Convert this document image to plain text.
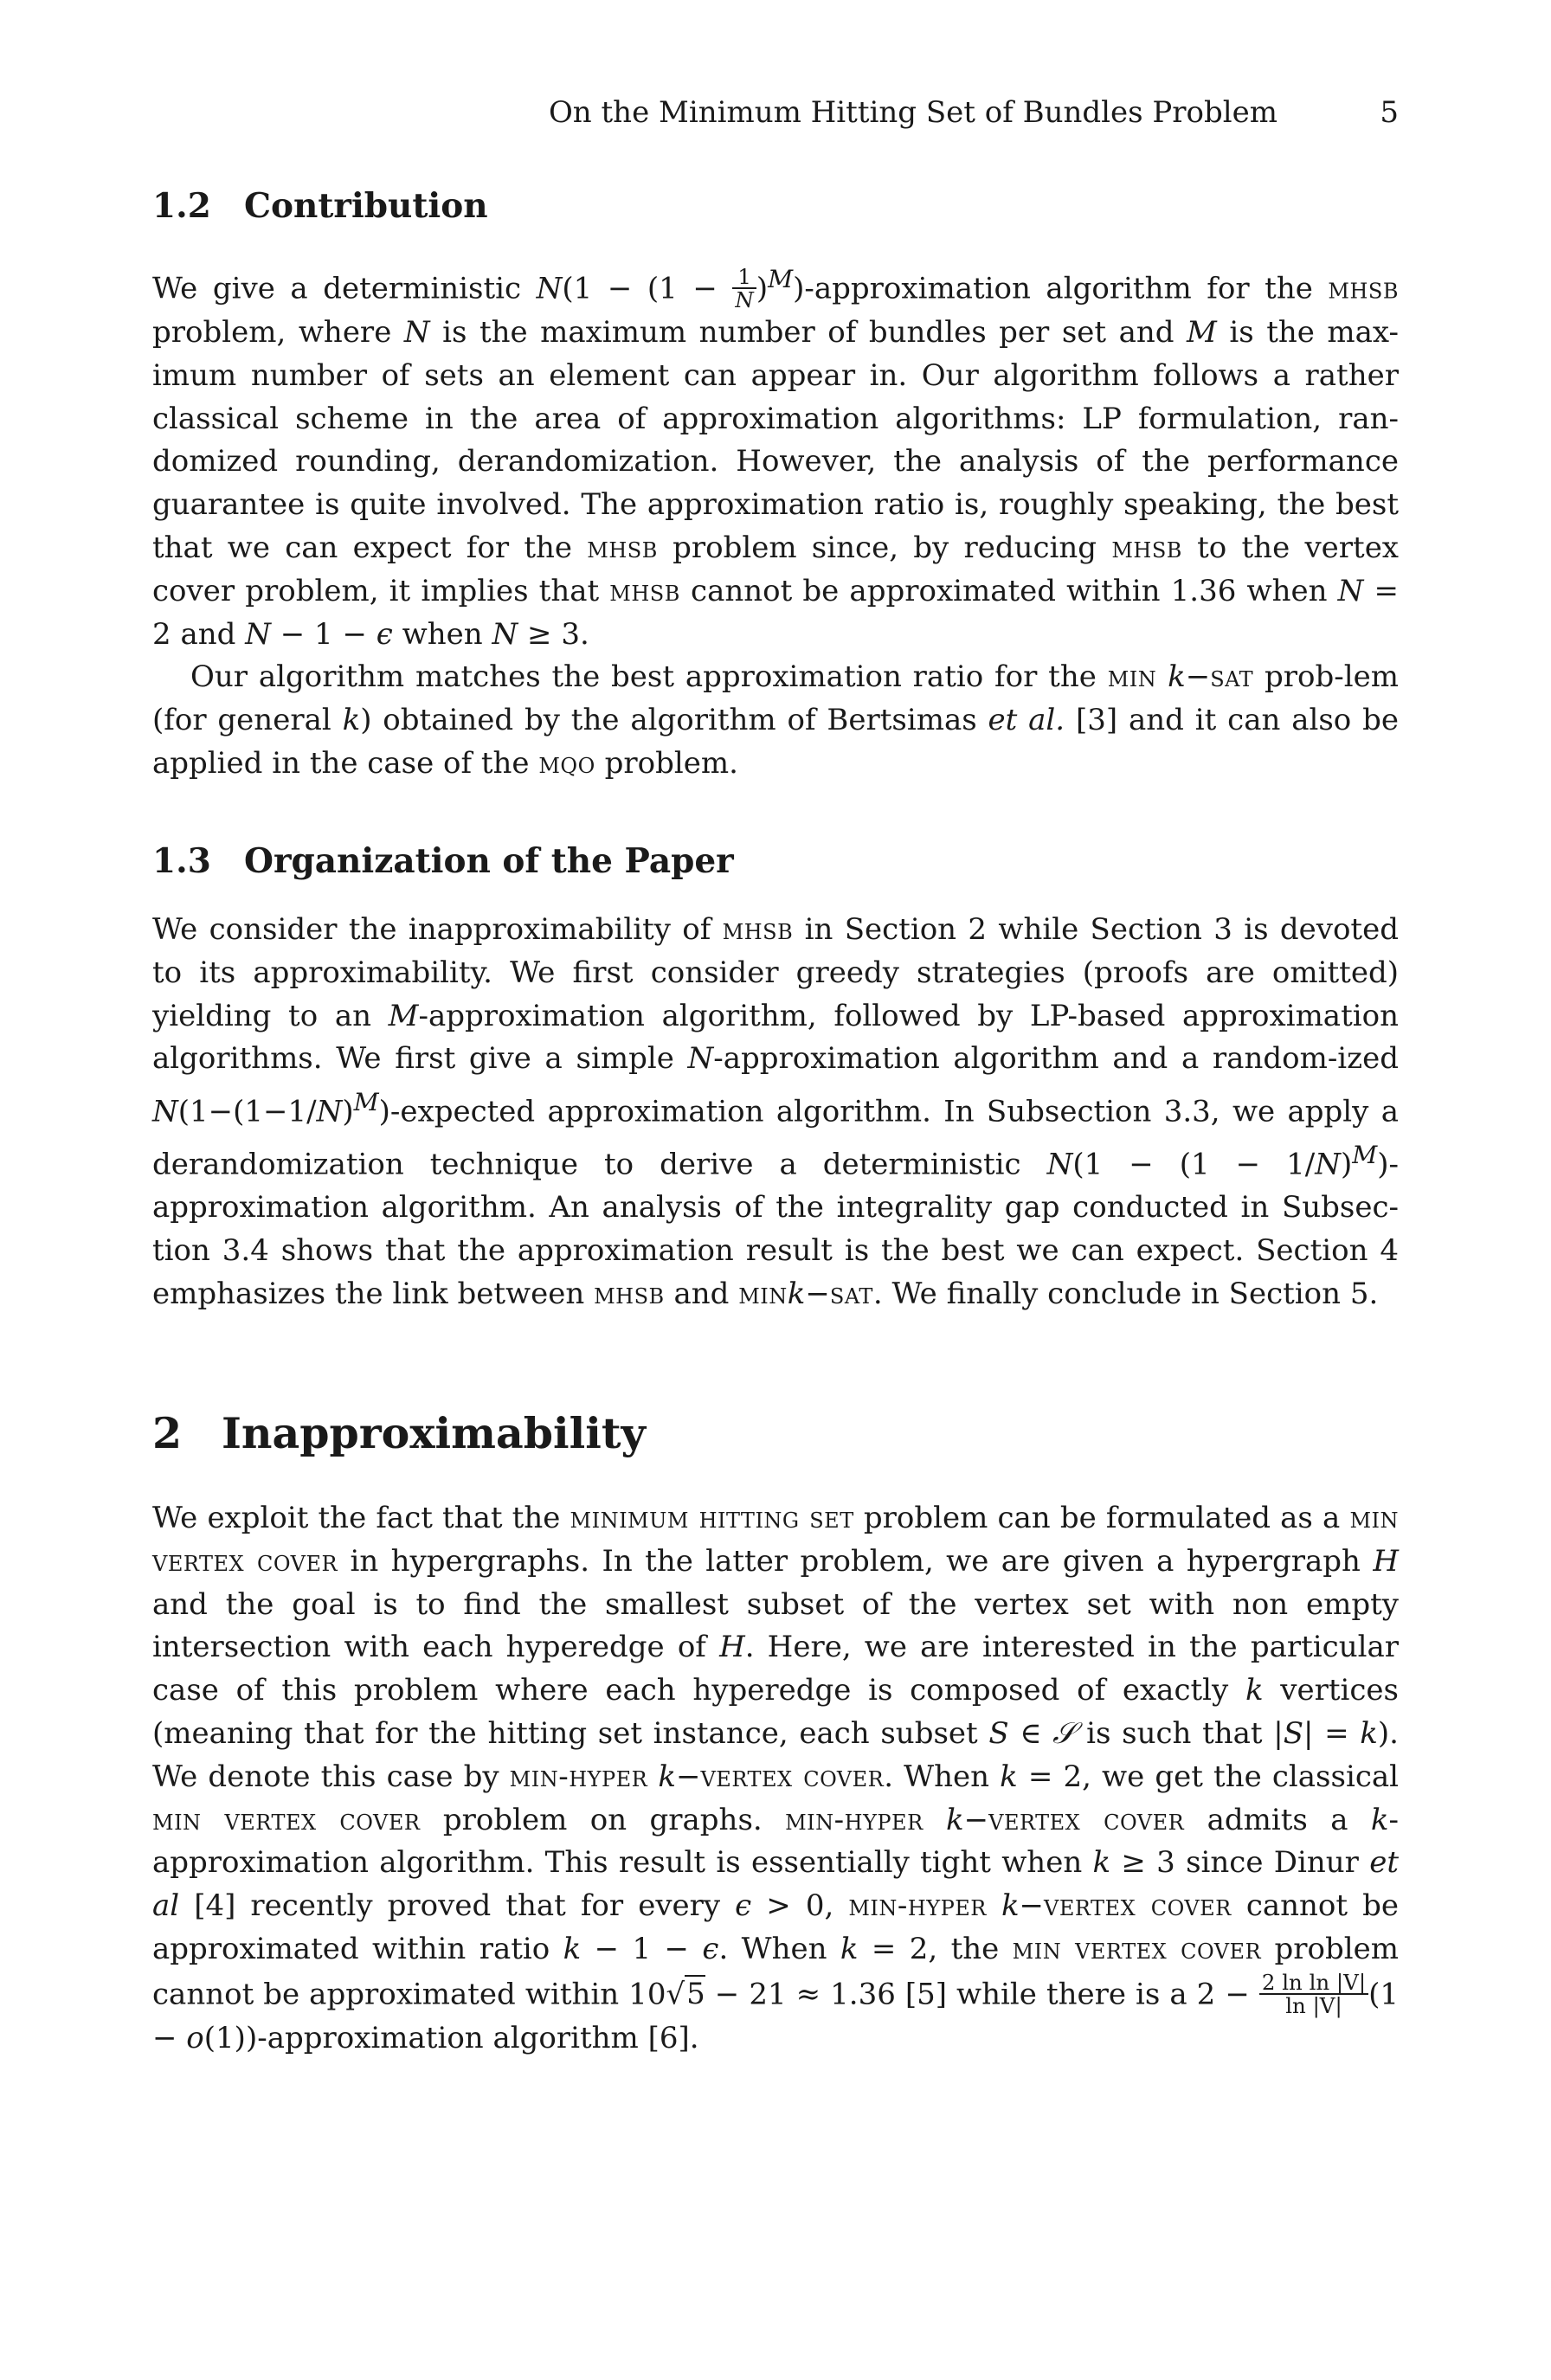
On the Minimum Hitting Set of Bundles Problem	5
1.2 Contribution

We give a deterministic $N(1 - (1 - \frac{1}{N}$ )$^M$)-approximation algorithm for the mhsb problem, where N is the maximum number of bundles per set and M is the max-imum number of sets an element can appear in. Our algorithm follows a rather classical scheme in the area of approximation algorithms: LP formulation, ran-domized rounding, derandomization. However, the analysis of the performance guarantee is quite involved. The approximation ratio is, roughly speaking, the best that we can expect for the mhsb problem since, by reducing mhsb to the vertex cover problem, it implies that mhsb cannot be approximated within 1.36 when N = 2 and N − 1 − ϵ when N ≥ 3.

Our algorithm matches the best approximation ratio for the min k−sat prob-lem (for general k) obtained by the algorithm of Bertsimas et al. [3] and it can also be applied in the case of the mqo problem.

1.3 Organization of the Paper

We consider the inapproximability of mhsb in Section 2 while Section 3 is devoted to its approximability. We first consider greedy strategies (proofs are omitted) yielding to an M-approximation algorithm, followed by LP-based approximation algorithms. We first give a simple N-approximation algorithm and a random-ized $N(1-(1-1/N)^M)$-expected approximation algorithm. In Subsection 3.3, we apply a derandomization technique to derive a deterministic $N(1 - (1 - 1/N)^M)$-approximation algorithm. An analysis of the integrality gap conducted in Subsec-tion 3.4 shows that the approximation result is the best we can expect. Section 4 emphasizes the link between mhsb and mink−sat. We finally conclude in Section 5.

2 Inapproximability

We exploit the fact that the minimum hitting set problem can be formulated as a min vertex cover in hypergraphs. In the latter problem, we are given a hypergraph H and the goal is to find the smallest subset of the vertex set with non empty intersection with each hyperedge of H. Here, we are interested in the particular case of this problem where each hyperedge is composed of exactly k vertices (meaning that for the hitting set instance, each subset S ∈ 𝒮 is such that |S| = k). We denote this case by min-hyper k−vertex cover. When k = 2, we get the classical min vertex cover problem on graphs. min-hyper k−vertex cover admits a k-approximation algorithm. This result is essentially tight when k ≥ 3 since Dinur et al [4] recently proved that for every ϵ > 0, min-hyper k−vertex cover cannot be approximated within ratio k − 1 − ϵ. When k = 2, the min vertex cover problem cannot be approximated within 10√5 − 21 ≈ 1.36 [5] while there is a $2 - \frac{\text{2 ln ln |V|}}{\ln |V|} (1$ − o(1))-approximation algorithm [6].
